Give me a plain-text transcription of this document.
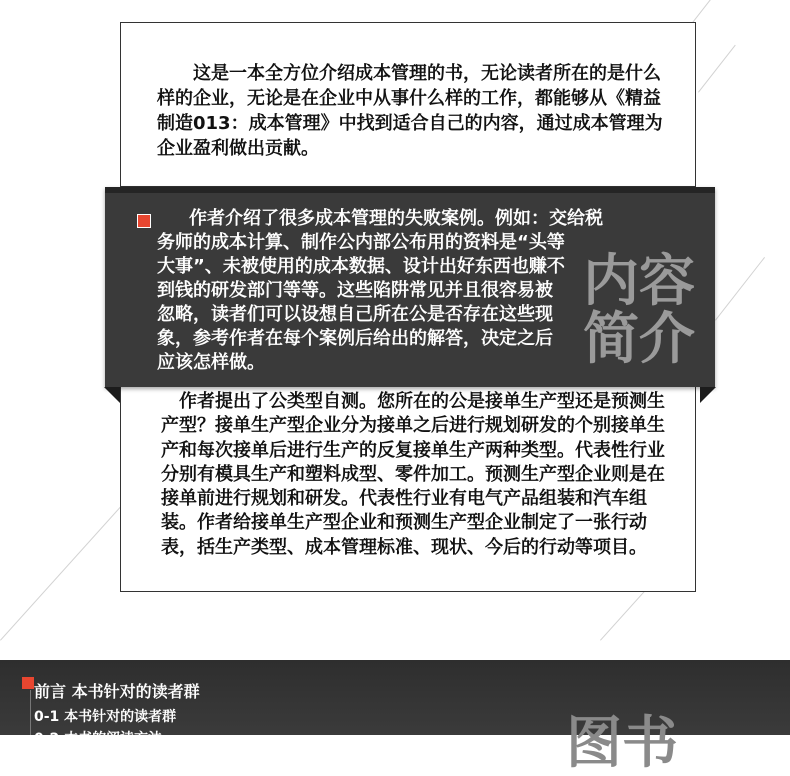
这是一本全方位介绍成本管理的书，无论读者所在的是什么样的企业，无论是在企业中从事什么样的工作，都能够从《精益制造013：成本管理》中找到适合自己的内容，通过成本管理为企业盈利做出贡献。

作者提出了公类型自测。您所在的公是接单生产型还是预测生产型？接单生产型企业分为接单之后进行规划研发的个别接单生产和每次接单后进行生产的反复接单生产两种类型。代表性行业分别有模具生产和塑料成型、零件加工。预测生产型企业则是在接单前进行规划和研发。代表性行业有电气产品组装和汽车组装。作者给接单生产型企业和预测生产型企业制定了一张行动表，括生产类型、成本管理标准、现状、今后的行动等项目。

作者介绍了很多成本管理的失败案例。例如：交给税
务师的成本计算、制作公内部公布用的资料是“头等大事”、未被使用的成本数据、设计出好东西也赚不到钱的研发部门等等。这些陷阱常见并且很容易被忽略，读者们可以设想自己所在公是否存在这些现象，参考作者在每个案例后给出的解答，决定之后应该怎样做。

内容
简介
前言 本书针对的读者群
0-1 本书针对的读者群
0-2 本书的阅读方法	图书
